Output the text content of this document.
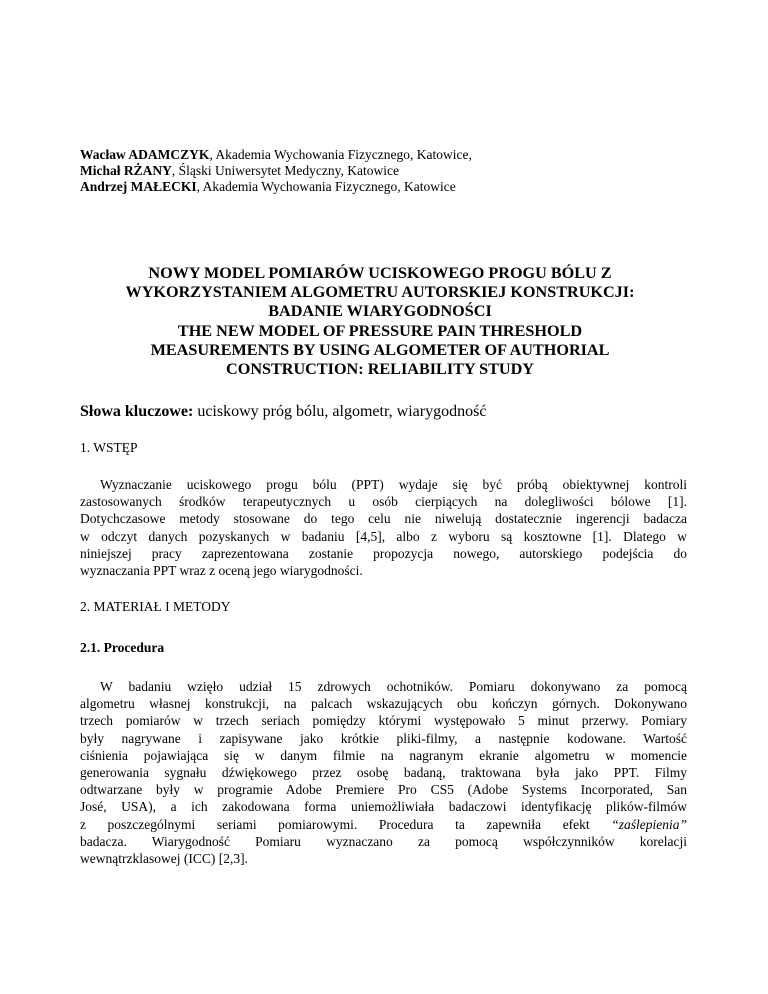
Wacław ADAMCZYK, Akademia Wychowania Fizycznego, Katowice,
Michał RŻANY, Śląski Uniwersytet Medyczny, Katowice
Andrzej MAŁECKI, Akademia Wychowania Fizycznego, Katowice
NOWY MODEL POMIARÓW UCISKOWEGO PROGU BÓLU Z
WYKORZYSTANIEM ALGOMETRU AUTORSKIEJ KONSTRUKCJI:
BADANIE WIARYGODNOŚCI
THE NEW MODEL OF PRESSURE PAIN THRESHOLD
MEASUREMENTS BY USING ALGOMETER OF AUTHORIAL
CONSTRUCTION: RELIABILITY STUDY
Słowa kluczowe: uciskowy próg bólu, algometr, wiarygodność
1. WSTĘP
Wyznaczanie uciskowego progu bólu (PPT) wydaje się być próbą obiektywnej kontroli
zastosowanych środków terapeutycznych u osób cierpiących na dolegliwości bólowe [1].
Dotychczasowe metody stosowane do tego celu nie niwelują dostatecznie ingerencji badacza
w odczyt danych pozyskanych w badaniu [4,5], albo z wyboru są kosztowne [1]. Dlatego w
niniejszej pracy zaprezentowana zostanie propozycja nowego, autorskiego podejścia do
wyznaczania PPT wraz z oceną jego wiarygodności.
2. MATERIAŁ I METODY
2.1. Procedura
W badaniu wzięło udział 15 zdrowych ochotników. Pomiaru dokonywano za pomocą
algometru własnej konstrukcji, na palcach wskazujących obu kończyn górnych. Dokonywano
trzech pomiarów w trzech seriach pomiędzy którymi występowało 5 minut przerwy. Pomiary
były nagrywane i zapisywane jako krótkie pliki-filmy, a następnie kodowane. Wartość
ciśnienia pojawiająca się w danym filmie na nagranym ekranie algometru w momencie
generowania sygnału dźwiękowego przez osobę badaną, traktowana była jako PPT. Filmy
odtwarzane były w programie Adobe Premiere Pro CS5 (Adobe Systems Incorporated, San
José, USA), a ich zakodowana forma uniemożliwiała badaczowi identyfikację plików-filmów
z poszczególnymi seriami pomiarowymi. Procedura ta zapewniła efekt “zaślepienia”
badacza. Wiarygodność Pomiaru wyznaczano za pomocą współczynników korelacji
wewnątrzklasowej (ICC) [2,3].
